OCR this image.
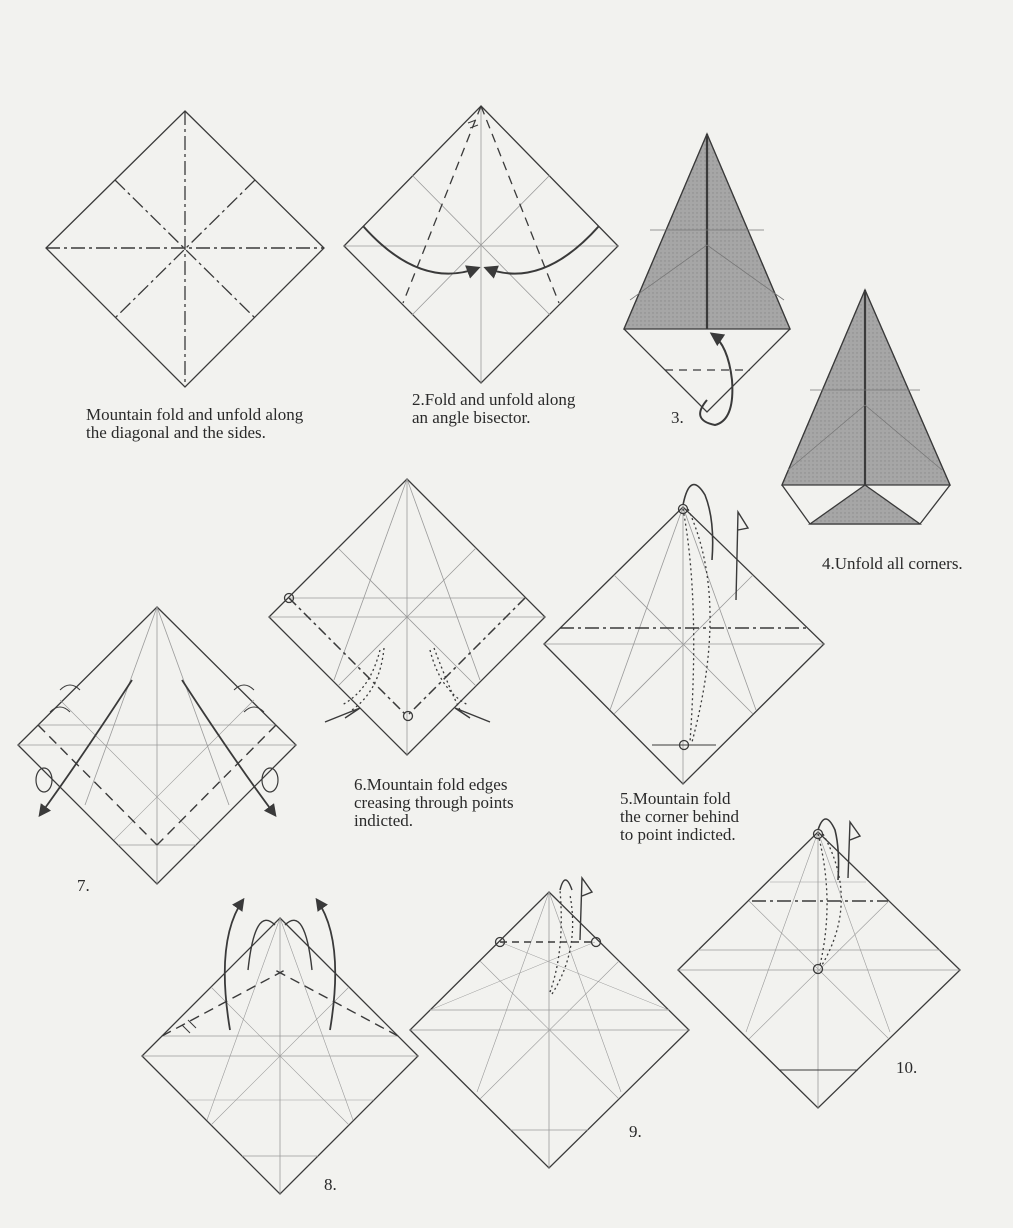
Mountain fold and unfold along
the diagonal and the sides.

2.Fold and unfold along
an angle bisector.	3.

4.Unfold all corners.

5.Mountain fold
the corner behind
to point indicted.

6.Mountain fold edges
creasing through points
indicted.

7.

8.

9.

10.
